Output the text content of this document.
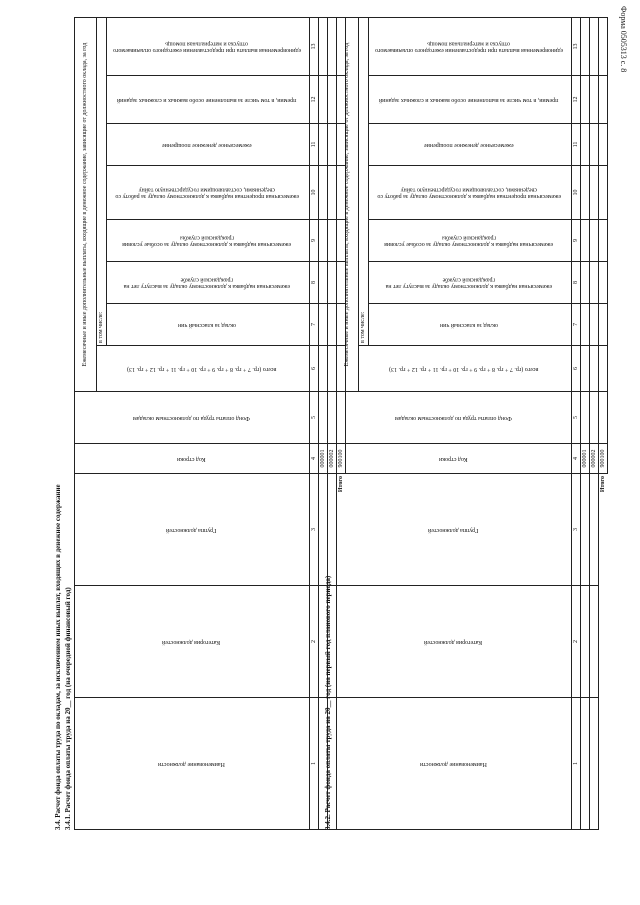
Форма 0505313 с. 8
3.4. Расчет фонда оплаты труда по окладам, за исключением иных выплат, входящих в денежное содержание 3.4.1. Расчет фонда оплаты труда на 20__ год (на очередной финансовый год)	Наименование должности	Категория должностей	Группа должностей	Код строки	Фонд оплаты труда по должностным окладам	Ежемесячные и иные дополнительные выплаты, входящие в денежное содержание, зависящие от должностного оклада, за год	
					всего (гр. 7 + гр. 8 + гр. 9 + гр. 10 + гр. 11 + гр. 12 + гр. 13)	в том числе:							
						оклад за классный чин	ежемесячная надбавка к должностному окладу за выслугу лет на гражданской службе	ежемесячная надбавка к должностному окладу за особые условия гражданской службы	ежемесячная процентная надбавка к должностному окладу за работу со сведениями, составляющими государственную тайну	ежемесячное денежное поощрение	премии, в том числе за выполнение особо важных и сложных заданий	единовременная выплата при предоставлении ежегодного оплачиваемого отпуска и материальная помощь	
1	2	3	4	5	6	7	8	9	10	11	12	13	
			000001										
			000002										
		Итого	900100										
3.4.2. Расчет фонда оплаты труда на 20__ год (на первый год планового периода)	Наименование должности	Категория должностей	Группа должностей	Код строки	Фонд оплаты труда по должностным окладам	Ежемесячные и иные дополнительные выплаты, входящие в денежное содержание, зависящие от должностного оклада, за год	
					всего (гр. 7 + гр. 8 + гр. 9 + гр. 10 + гр. 11 + гр. 12 + гр. 13)	в том числе:							
						оклад за классный чин	ежемесячная надбавка к должностному окладу за выслугу лет на гражданской службе	ежемесячная надбавка к должностному окладу за особые условия гражданской службы	ежемесячная процентная надбавка к должностному окладу за работу со сведениями, составляющими государственную тайну	ежемесячное денежное поощрение	премии, в том числе за выполнение особо важных и сложных заданий	единовременная выплата при предоставлении ежегодного оплачиваемого отпуска и материальная помощь	
1	2	3	4	5	6	7	8	9	10	11	12	13	
			000001										
			000002										
		Итого	900100										
